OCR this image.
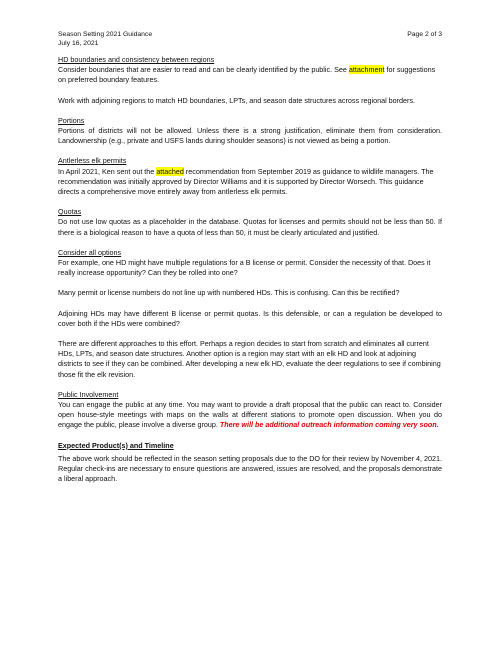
Season Setting 2021 Guidance
July 16, 2021
Page 2 of 3
HD boundaries and consistency between regions

Consider boundaries that are easier to read and can be clearly identified by the public. See attachment for suggestions on preferred boundary features.

Work with adjoining regions to match HD boundaries, LPTs, and season date structures across regional borders.

Portions

Portions of districts will not be allowed. Unless there is a strong justification, eliminate them from consideration. Landownership (e.g., private and USFS lands during shoulder seasons) is not viewed as being a portion.

Antlerless elk permits

In April 2021, Ken sent out the attached recommendation from September 2019 as guidance to wildlife managers. The recommendation was initially approved by Director Williams and it is supported by Director Worsech. This guidance directs a comprehensive move entirely away from antlerless elk permits.

Quotas

Do not use low quotas as a placeholder in the database. Quotas for licenses and permits should not be less than 50. If there is a biological reason to have a quota of less than 50, it must be clearly articulated and justified.

Consider all options

For example, one HD might have multiple regulations for a B license or permit. Consider the necessity of that. Does it really increase opportunity? Can they be rolled into one?

Many permit or license numbers do not line up with numbered HDs. This is confusing. Can this be rectified?

Adjoining HDs may have different B license or permit quotas. Is this defensible, or can a regulation be developed to cover both if the HDs were combined?

There are different approaches to this effort. Perhaps a region decides to start from scratch and eliminates all current HDs, LPTs, and season date structures. Another option is a region may start with an elk HD and look at adjoining districts to see if they can be combined. After developing a new elk HD, evaluate the deer regulations to see if combining those fit the elk revision.

Public Involvement

You can engage the public at any time. You may want to provide a draft proposal that the public can react to. Consider open house-style meetings with maps on the walls at different stations to promote open discussion. When you do engage the public, please involve a diverse group. There will be additional outreach information coming very soon.

Expected Product(s) and Timeline

The above work should be reflected in the season setting proposals due to the DO for their review by November 4, 2021. Regular check-ins are necessary to ensure questions are answered, issues are resolved, and the proposals demonstrate a liberal approach.
